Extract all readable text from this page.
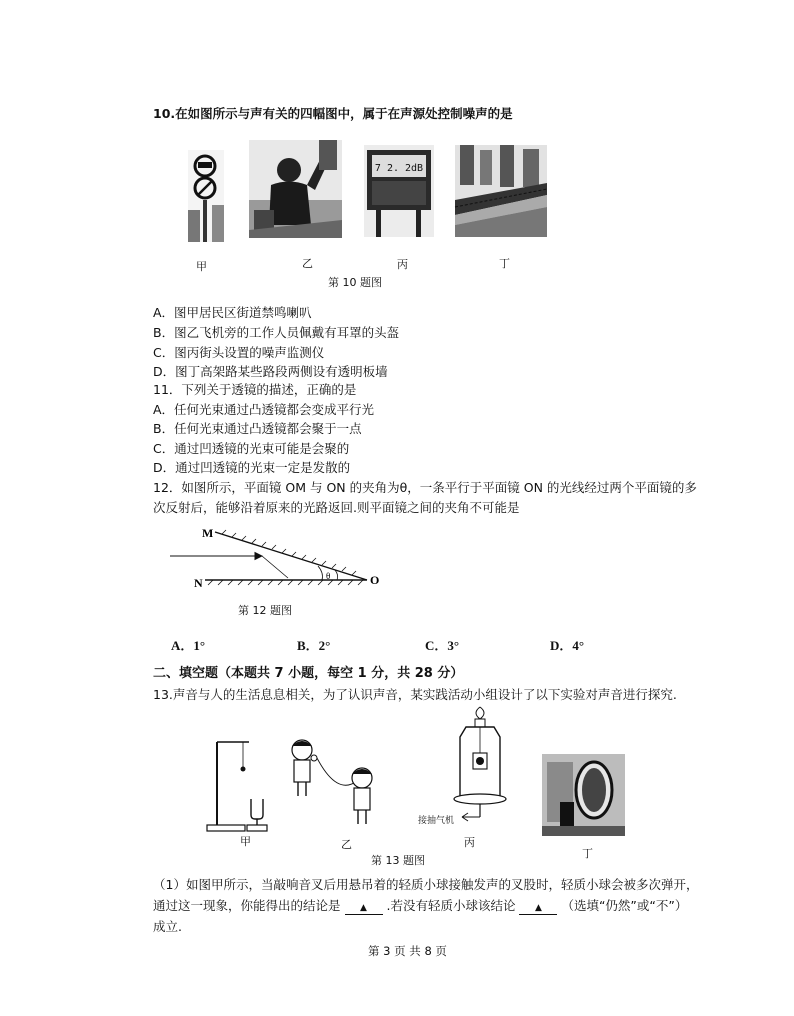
10.在如图所示与声有关的四幅图中，属于在声源处控制噪声的是
7 2. 2dB
甲	乙	丙	丁
第 10 题图
A．图甲居民区街道禁鸣喇叭
B．图乙飞机旁的工作人员佩戴有耳罩的头盔
C．图丙街头设置的噪声监测仪
D．图丁高架路某些路段两侧设有透明板墙
11．下列关于透镜的描述，正确的是
A．任何光束通过凸透镜都会变成平行光
B．任何光束通过凸透镜都会聚于一点
C．通过凹透镜的光束可能是会聚的
D．通过凹透镜的光束一定是发散的
12．如图所示，平面镜 OM 与 ON 的夹角为θ，一条平行于平面镜 ON 的光线经过两个平面镜的多
次反射后，能够沿着原来的光路返回.则平面镜之间的夹角不可能是
M
N	O
θ
第 12 题图
A．1°	B．2°	C．3°	D．4°
二、填空题（本题共 7 小题，每空 1 分，共 28 分）
13.声音与人的生活息息相关，为了认识声音，某实践活动小组设计了以下实验对声音进行探究.
接抽气机
甲	乙	丙
丁
第 13 题图
（1）如图甲所示，当敲响音叉后用悬吊着的轻质小球接触发声的叉股时，轻质小球会被多次弹开，
通过这一现象，你能得出的结论是 ▲ .若没有轻质小球该结论 ▲ （选填“仍然”或“不”）
成立.
第 3 页 共 8 页
